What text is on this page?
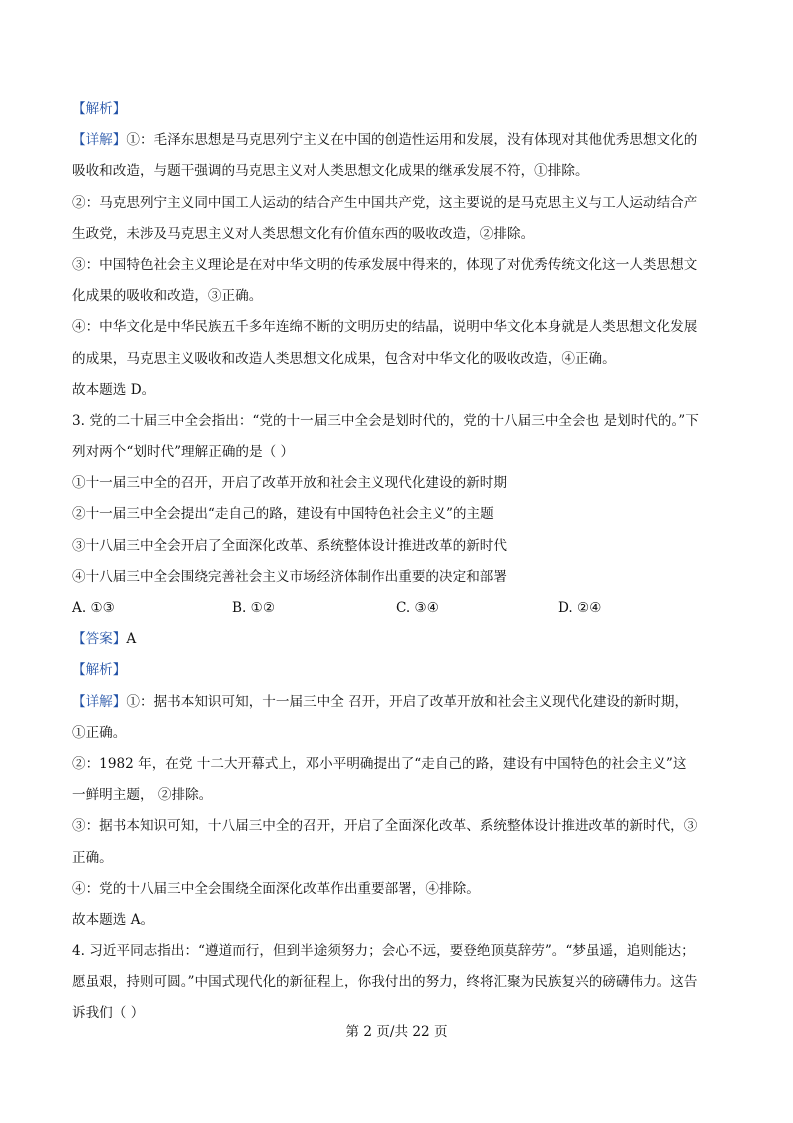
【解析】
【详解】①：毛泽东思想是马克思列宁主义在中国的创造性运用和发展，没有体现对其他优秀思想文化的
吸收和改造，与题干强调的马克思主义对人类思想文化成果的继承发展不符，①排除。
②：马克思列宁主义同中国工人运动的结合产生中国共产党，这主要说的是马克思主义与工人运动结合产
生政党，未涉及马克思主义对人类思想文化有价值东西的吸收改造，②排除。
③：中国特色社会主义理论是在对中华文明的传承发展中得来的，体现了对优秀传统文化这一人类思想文
化成果的吸收和改造，③正确。
④：中华文化是中华民族五千多年连绵不断的文明历史的结晶，说明中华文化本身就是人类思想文化发展
的成果，马克思主义吸收和改造人类思想文化成果，包含对中华文化的吸收改造，④正确。
故本题选 D。
3. 党的二十届三中全会指出：“党的十一届三中全会是划时代的，党的十八届三中全会也 是划时代的。”下
列对两个“划时代”理解正确的是（ ）
①十一届三中全的召开，开启了改革开放和社会主义现代化建设的新时期
②十一届三中全会提出“走自己的路，建设有中国特色社会主义”的主题
③十八届三中全会开启了全面深化改革、系统整体设计推进改革的新时代
④十八届三中全会围绕完善社会主义市场经济体制作出重要的决定和部署
A. ①③	B. ①②	C. ③④	D. ②④
【答案】A
【解析】
【详解】①：据书本知识可知，十一届三中全 召开，开启了改革开放和社会主义现代化建设的新时期，
①正确。
②：1982 年，在党 十二大开幕式上，邓小平明确提出了“走自己的路，建设有中国特色的社会主义”这
一鲜明主题， ②排除。
③：据书本知识可知，十八届三中全的召开，开启了全面深化改革、系统整体设计推进改革的新时代，③
正确。
④：党的十八届三中全会围绕全面深化改革作出重要部署，④排除。
故本题选 A。
4. 习近平同志指出：“遵道而行，但到半途须努力；会心不远，要登绝顶莫辞劳”。“梦虽遥，追则能达；
愿虽艰，持则可圆。”中国式现代化的新征程上，你我付出的努力，终将汇聚为民族复兴的磅礴伟力。这告
诉我们（ ）
第 2 页/共 22 页
